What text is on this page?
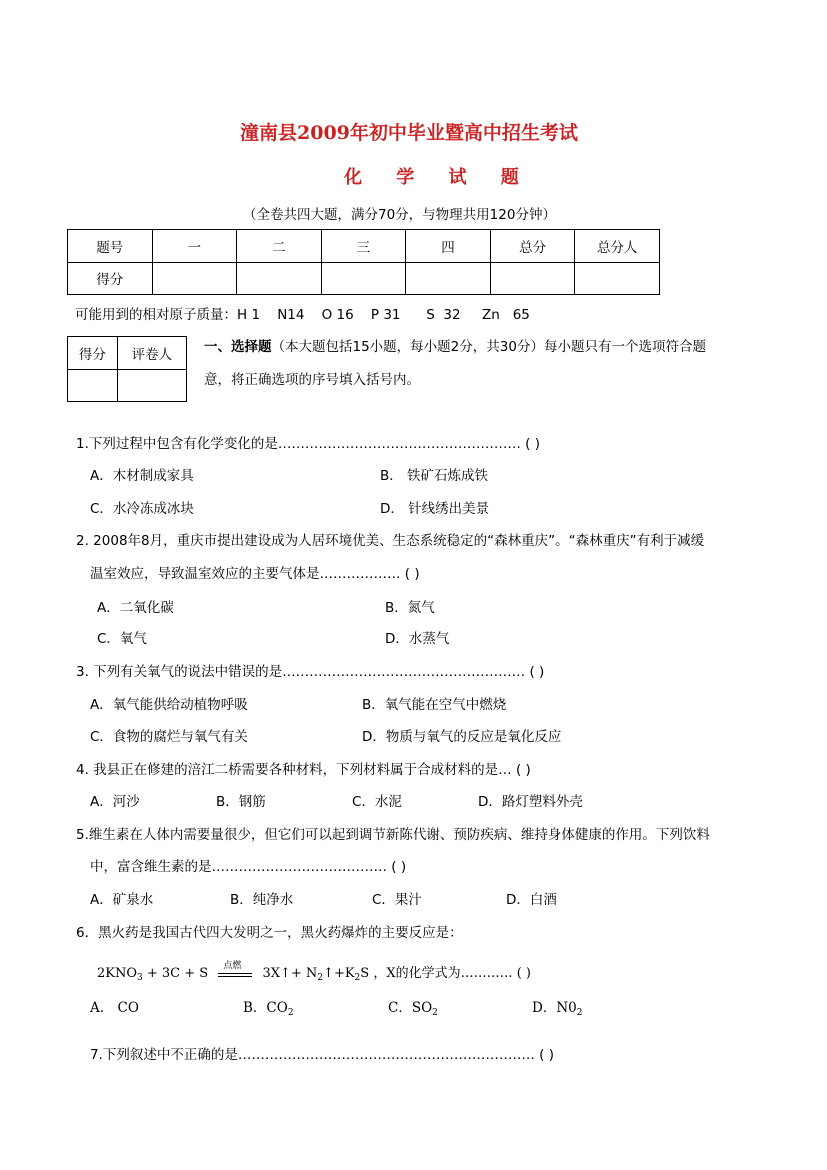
潼南县2009年初中毕业暨高中招生考试
化 学 试 题
（全卷共四大题，满分70分，与物理共用120分钟）
题号	一	二	三	四	总分	总分人
得分						
可能用到的相对原子质量：H 1    N14    O 16    P 31      S  32     Zn   65
得分	评卷人
	一、选择题（本大题包括15小题，每小题2分，共30分）每小题只有一个选项符合题
意，将正确选项的序号填入括号内。
1.下列过程中包含有化学变化的是……………………………………………… ( )
A．木材制成家具	B． 铁矿石炼成铁
C．水冷冻成冰块	D． 针线绣出美景
2. 2008年8月，重庆市提出建设成为人居环境优美、生态系统稳定的“森林重庆”。“森林重庆”有利于减缓
温室效应，导致温室效应的主要气体是……………… ( )
A．二氧化碳	B．氮气
C．氧气	D．水蒸气
3. 下列有关氧气的说法中错误的是……………………………………………… ( )
A．氧气能供给动植物呼吸	B．氧气能在空气中燃烧
C．食物的腐烂与氧气有关	D．物质与氧气的反应是氧化反应
4. 我县正在修建的涪江二桥需要各种材料，下列材料属于合成材料的是… ( )
A．河沙	B．钢筋	C．水泥	D．路灯塑料外壳
5.维生素在人体内需要量很少，但它们可以起到调节新陈代谢、预防疾病、维持身体健康的作用。下列饮料
中，富含维生素的是………………………………… ( )
A．矿泉水	B．纯净水	C．果汁	D．白酒
6．黑火药是我国古代四大发明之一，黑火药爆炸的主要反应是：
$2KNO_3 + 3C + S$
点燃
3X↑+ $N_2↑+K_2S$ ，X的化学式为………… ( )
A． CO	B．$CO_2$	C．$SO_2$	D．$N0_2$
7.下列叙述中不正确的是………………………………………………………… ( )
